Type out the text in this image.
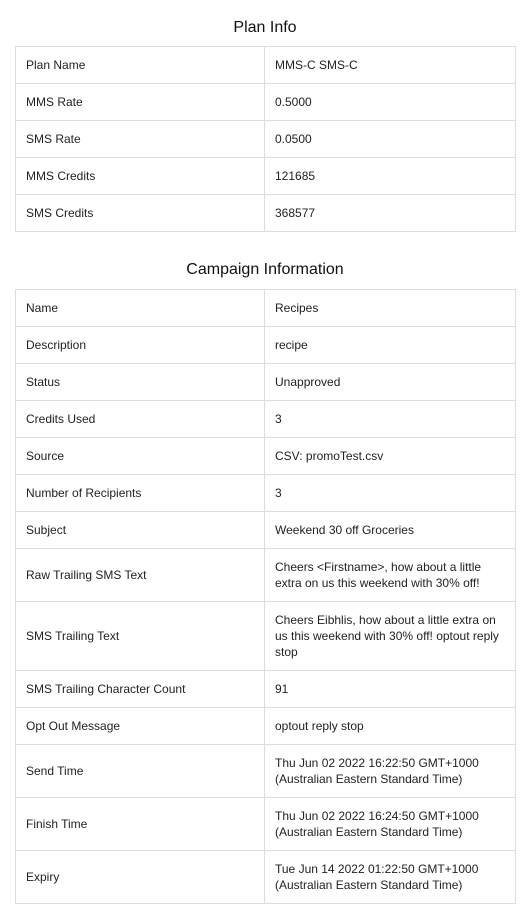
Plan Info
Plan Name	MMS-C SMS-C
MMS Rate	0.5000
SMS Rate	0.0500
MMS Credits	121685
SMS Credits	368577
Campaign Information
Name	Recipes
Description	recipe
Status	Unapproved
Credits Used	3
Source	CSV: promoTest.csv
Number of Recipients	3
Subject	Weekend 30 off Groceries
Raw Trailing SMS Text	Cheers <Firstname>, how about a little extra on us this weekend with 30% off!

SMS Trailing Text	Cheers Eibhlis, how about a little extra on us this weekend with 30% off! optout reply stop

SMS Trailing Character Count	91
Opt Out Message	optout reply stop
Send Time	Thu Jun 02 2022 16:22:50 GMT+1000 (Australian Eastern Standard Time)

Finish Time	Thu Jun 02 2022 16:24:50 GMT+1000 (Australian Eastern Standard Time)

Expiry	Tue Jun 14 2022 01:22:50 GMT+1000 (Australian Eastern Standard Time)
